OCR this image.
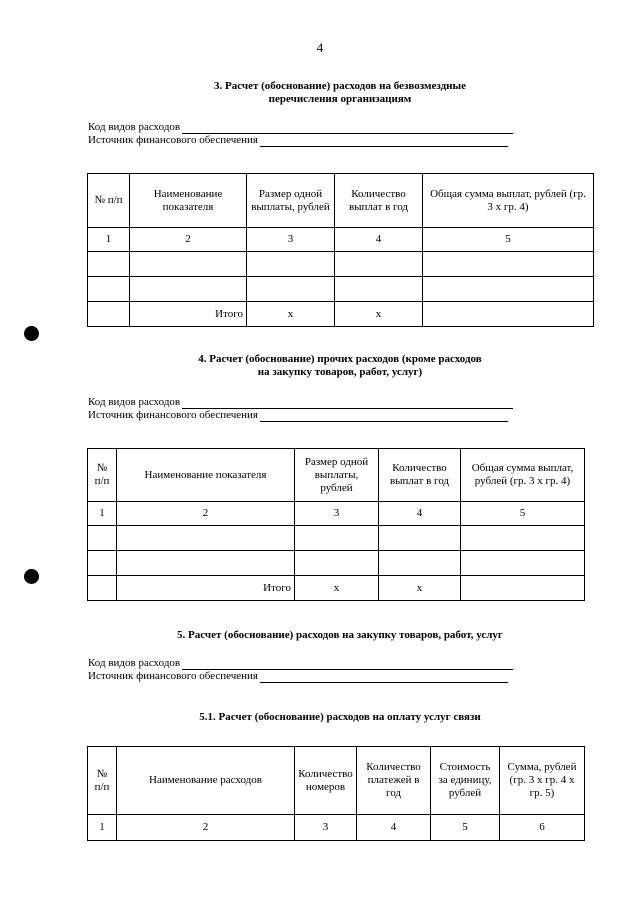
4
3. Расчет (обоснование) расходов на безвозмездные
перечисления организациям
Код видов расходов
Источник финансового обеспечения
№ п/п	Наименование показателя	Размер одной выплаты, рублей	Количество выплат в год	Общая сумма выплат, рублей (гр. 3 х гр. 4)
1	2	3	4	5

	Итого	х	х	
4. Расчет (обоснование) прочих расходов (кроме расходов
на закупку товаров, работ, услуг)
Код видов расходов
Источник финансового обеспечения
№ п/п	Наименование показателя	Размер одной выплаты, рублей	Количество выплат в год	Общая сумма выплат, рублей (гр. 3 х гр. 4)
1	2	3	4	5

	Итого	х	х	
5. Расчет (обоснование) расходов на закупку товаров, работ, услуг
Код видов расходов
Источник финансового обеспечения
5.1. Расчет (обоснование) расходов на оплату услуг связи
№ п/п	Наименование расходов	Количество номеров	Количество платежей в год	Стоимость за единицу, рублей	Сумма, рублей (гр. 3 х гр. 4 х гр. 5)
1	2	3	4	5	6
